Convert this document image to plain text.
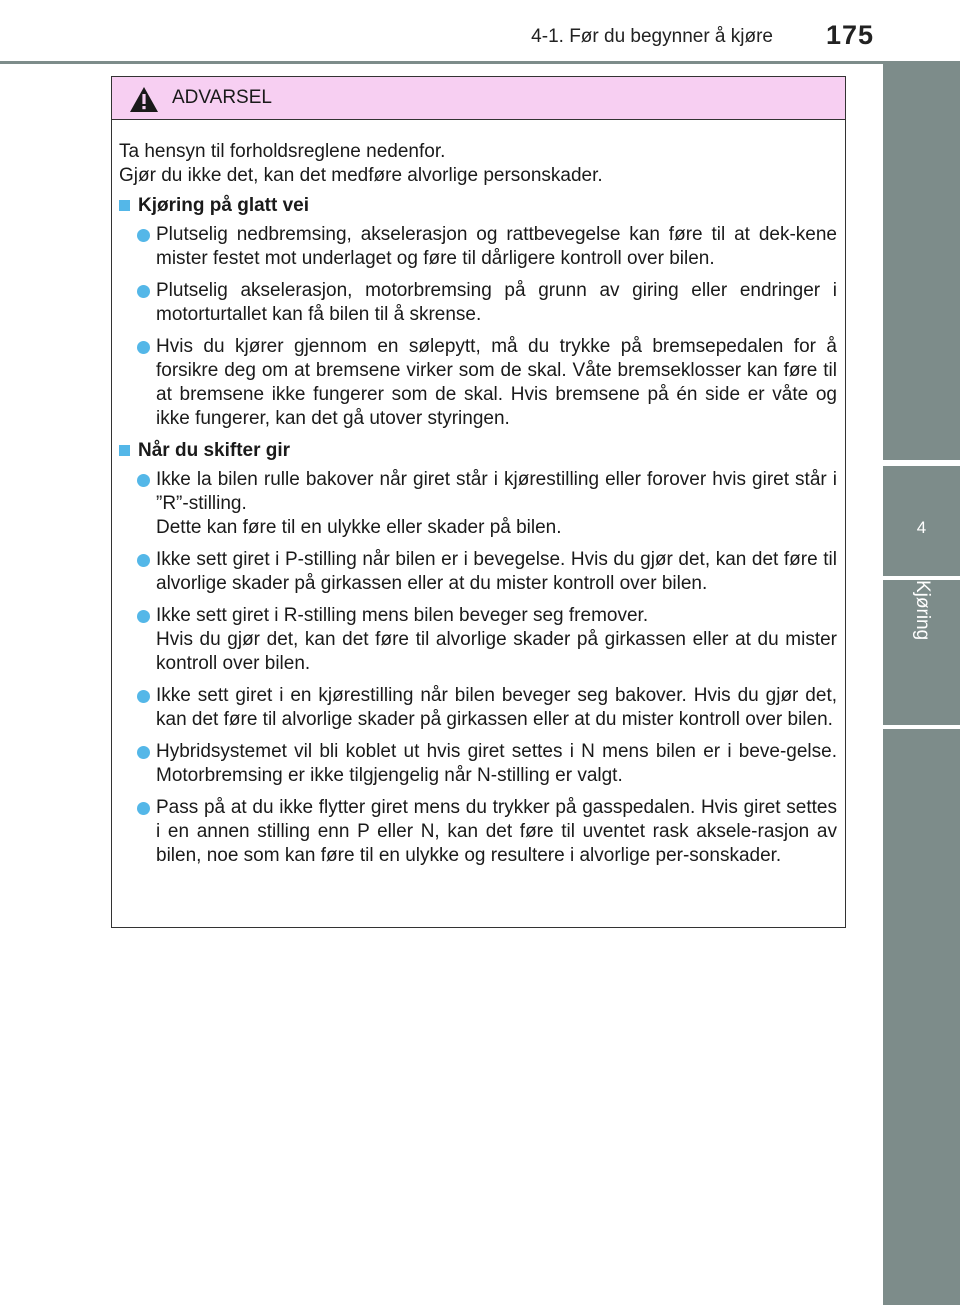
4-1. Før du begynner å kjøre 175
4
Kjøring
ADVARSEL

Ta hensyn til forholdsreglene nedenfor.

Gjør du ikke det, kan det medføre alvorlige personskader.

Kjøring på glatt vei

Plutselig nedbremsing, akselerasjon og rattbevegelse kan føre til at dek-kene mister festet mot underlaget og føre til dårligere kontroll over bilen.

Plutselig akselerasjon, motorbremsing på grunn av giring eller endringer i motorturtallet kan få bilen til å skrense.

Hvis du kjører gjennom en sølepytt, må du trykke på bremsepedalen for å forsikre deg om at bremsene virker som de skal. Våte bremseklosser kan føre til at bremsene ikke fungerer som de skal. Hvis bremsene på én side er våte og ikke fungerer, kan det gå utover styringen.

Når du skifter gir

Ikke la bilen rulle bakover når giret står i kjørestilling eller forover hvis giret står i ”R”-stilling.

Dette kan føre til en ulykke eller skader på bilen.

Ikke sett giret i P-stilling når bilen er i bevegelse. Hvis du gjør det, kan det føre til alvorlige skader på girkassen eller at du mister kontroll over bilen.

Ikke sett giret i R-stilling mens bilen beveger seg fremover.

Hvis du gjør det, kan det føre til alvorlige skader på girkassen eller at du mister kontroll over bilen.

Ikke sett giret i en kjørestilling når bilen beveger seg bakover. Hvis du gjør det, kan det føre til alvorlige skader på girkassen eller at du mister kontroll over bilen.

Hybridsystemet vil bli koblet ut hvis giret settes i N mens bilen er i beve-gelse. Motorbremsing er ikke tilgjengelig når N-stilling er valgt.

Pass på at du ikke flytter giret mens du trykker på gasspedalen. Hvis giret settes i en annen stilling enn P eller N, kan det føre til uventet rask aksele-rasjon av bilen, noe som kan føre til en ulykke og resultere i alvorlige per-sonskader.
